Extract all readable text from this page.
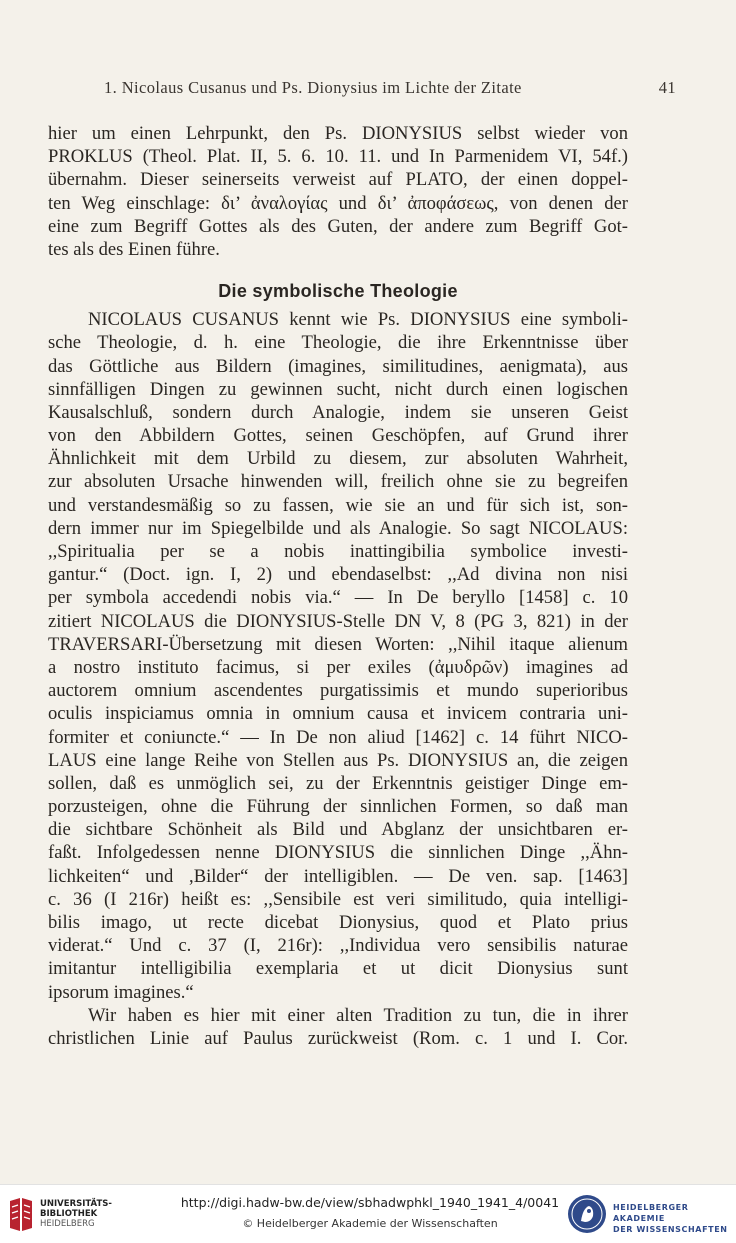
1. Nicolaus Cusanus und Ps. Dionysius im Lichte der Zitate	41
hier um einen Lehrpunkt, den Ps. DIONYSIUS selbst wieder von
PROKLUS (Theol. Plat. II, 5. 6. 10. 11. und In Parmenidem VI, 54f.)
übernahm. Dieser seinerseits verweist auf PLATO, der einen doppel-
ten Weg einschlage: δι’ ἀναλογίας und δι’ ἀποφάσεως, von denen der
eine zum Begriff Gottes als des Guten, der andere zum Begriff Got-
tes als des Einen führe.
Die symbolische Theologie
NICOLAUS CUSANUS kennt wie Ps. DIONYSIUS eine symboli-
sche Theologie, d. h. eine Theologie, die ihre Erkenntnisse über
das Göttliche aus Bildern (imagines, similitudines, aenigmata), aus
sinnfälligen Dingen zu gewinnen sucht, nicht durch einen logischen
Kausalschluß, sondern durch Analogie, indem sie unseren Geist
von den Abbildern Gottes, seinen Geschöpfen, auf Grund ihrer
Ähnlichkeit mit dem Urbild zu diesem, zur absoluten Wahrheit,
zur absoluten Ursache hinwenden will, freilich ohne sie zu begreifen
und verstandesmäßig so zu fassen, wie sie an und für sich ist, son-
dern immer nur im Spiegelbilde und als Analogie. So sagt NICOLAUS:
,,Spiritualia per se a nobis inattingibilia symbolice investi-
gantur.“ (Doct. ign. I, 2) und ebendaselbst: ,,Ad divina non nisi
per symbola accedendi nobis via.“ — In De beryllo [1458] c. 10
zitiert NICOLAUS die DIONYSIUS-Stelle DN V, 8 (PG 3, 821) in der
TRAVERSARI-Übersetzung mit diesen Worten: ,,Nihil itaque alienum
a nostro instituto facimus, si per exiles (ἀμυδρῶν) imagines ad
auctorem omnium ascendentes purgatissimis et mundo superioribus
oculis inspiciamus omnia in omnium causa et invicem contraria uni-
formiter et coniuncte.“ — In De non aliud [1462] c. 14 führt NICO-
LAUS eine lange Reihe von Stellen aus Ps. DIONYSIUS an, die zeigen
sollen, daß es unmöglich sei, zu der Erkenntnis geistiger Dinge em-
porzusteigen, ohne die Führung der sinnlichen Formen, so daß man
die sichtbare Schönheit als Bild und Abglanz der unsichtbaren er-
faßt. Infolgedessen nenne DIONYSIUS die sinnlichen Dinge ,,Ähn-
lichkeiten“ und ,Bilder“ der intelligiblen. — De ven. sap. [1463]
c. 36 (I 216r) heißt es: ,,Sensibile est veri similitudo, quia intelligi-
bilis imago, ut recte dicebat Dionysius, quod et Plato prius
viderat.“ Und c. 37 (I, 216r): ,,Individua vero sensibilis naturae
imitantur intelligibilia exemplaria et ut dicit Dionysius sunt
ipsorum imagines.“
Wir haben es hier mit einer alten Tradition zu tun, die in ihrer
christlichen Linie auf Paulus zurückweist (Rom. c. 1 und I. Cor.
UNIVERSITÄTS-
BIBLIOTHEK
HEIDELBERG
http://digi.hadw-bw.de/view/sbhadwphkl_1940_1941_4/0041
© Heidelberger Akademie der Wissenschaften
HEIDELBERGER AKADEMIE
DER WISSENSCHAFTEN
